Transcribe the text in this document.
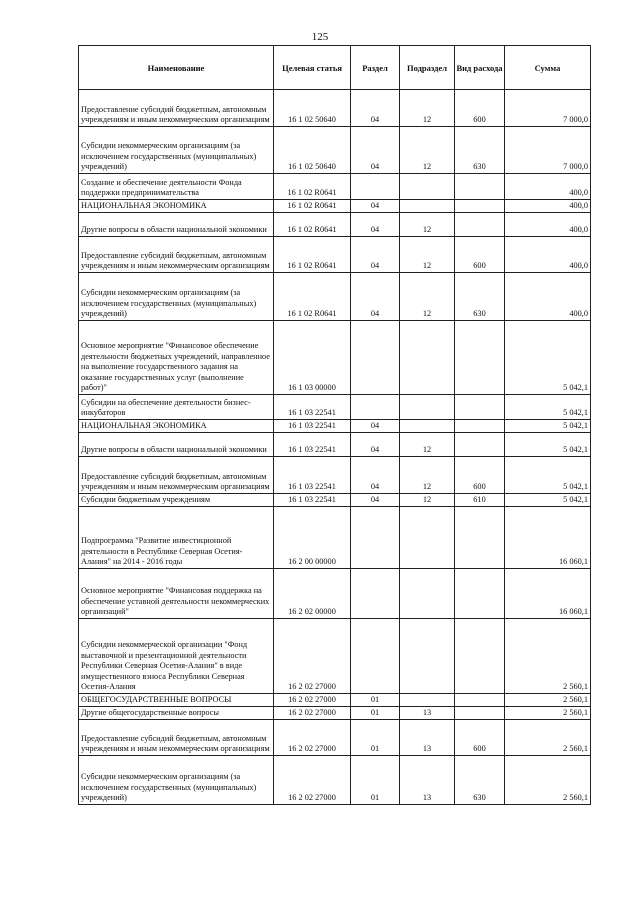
125
Наименование	Целевая статья	Раздел	Подраздел	Вид расхода	Сумма
Предоставление субсидий бюджетным, автономным учреждениям и иным некоммерческим организациям	16 1 02 50640	04	12	600	7 000,0
Субсидии некоммерческим организациям (за исключением государственных (муниципальных) учреждений)	16 1 02 50640	04	12	630	7 000,0
Создание и обеспечение деятельности Фонда поддержки предпринимательства	16 1 02 R0641				400,0
НАЦИОНАЛЬНАЯ ЭКОНОМИКА	16 1 02 R0641	04			400,0
Другие вопросы в области национальной экономики	16 1 02 R0641	04	12		400,0
Предоставление субсидий бюджетным, автономным учреждениям и иным некоммерческим организациям	16 1 02 R0641	04	12	600	400,0
Субсидии некоммерческим организациям (за исключением государственных (муниципальных) учреждений)	16 1 02 R0641	04	12	630	400,0
Основное мероприятие "Финансовое обеспечение деятельности бюджетных учреждений, направленное на выполнение государственного задания на оказание государственных услуг (выполнение работ)"	16 1 03 00000				5 042,1
Субсидии на обеспечение деятельности бизнес-инкубаторов	16 1 03 22541				5 042,1
НАЦИОНАЛЬНАЯ ЭКОНОМИКА	16 1 03 22541	04			5 042,1
Другие вопросы в области национальной экономики	16 1 03 22541	04	12		5 042,1
Предоставление субсидий бюджетным, автономным учреждениям и иным некоммерческим организациям	16 1 03 22541	04	12	600	5 042,1
Субсидии бюджетным учреждениям	16 1 03 22541	04	12	610	5 042,1
Подпрограмма "Развитие инвестиционной деятельности в Республике Северная Осетия-Алания" на 2014 - 2016 годы	16 2 00 00000				16 060,1
Основное мероприятие "Финансовая поддержка на обеспечение уставной деятельности некоммерческих организаций"	16 2 02 00000				16 060,1
Субсидии некоммерческой организации "Фонд выставочной и презентационной деятельности Республики Северная Осетия-Алания" в виде имущественного взноса Республики Северная Осетия-Алания	16 2 02 27000				2 560,1
ОБЩЕГОСУДАРСТВЕННЫЕ ВОПРОСЫ	16 2 02 27000	01			2 560,1
Другие общегосударственные вопросы	16 2 02 27000	01	13		2 560,1
Предоставление субсидий бюджетным, автономным учреждениям и иным некоммерческим организациям	16 2 02 27000	01	13	600	2 560,1
Субсидии некоммерческим организациям (за исключением государственных (муниципальных) учреждений)	16 2 02 27000	01	13	630	2 560,1
